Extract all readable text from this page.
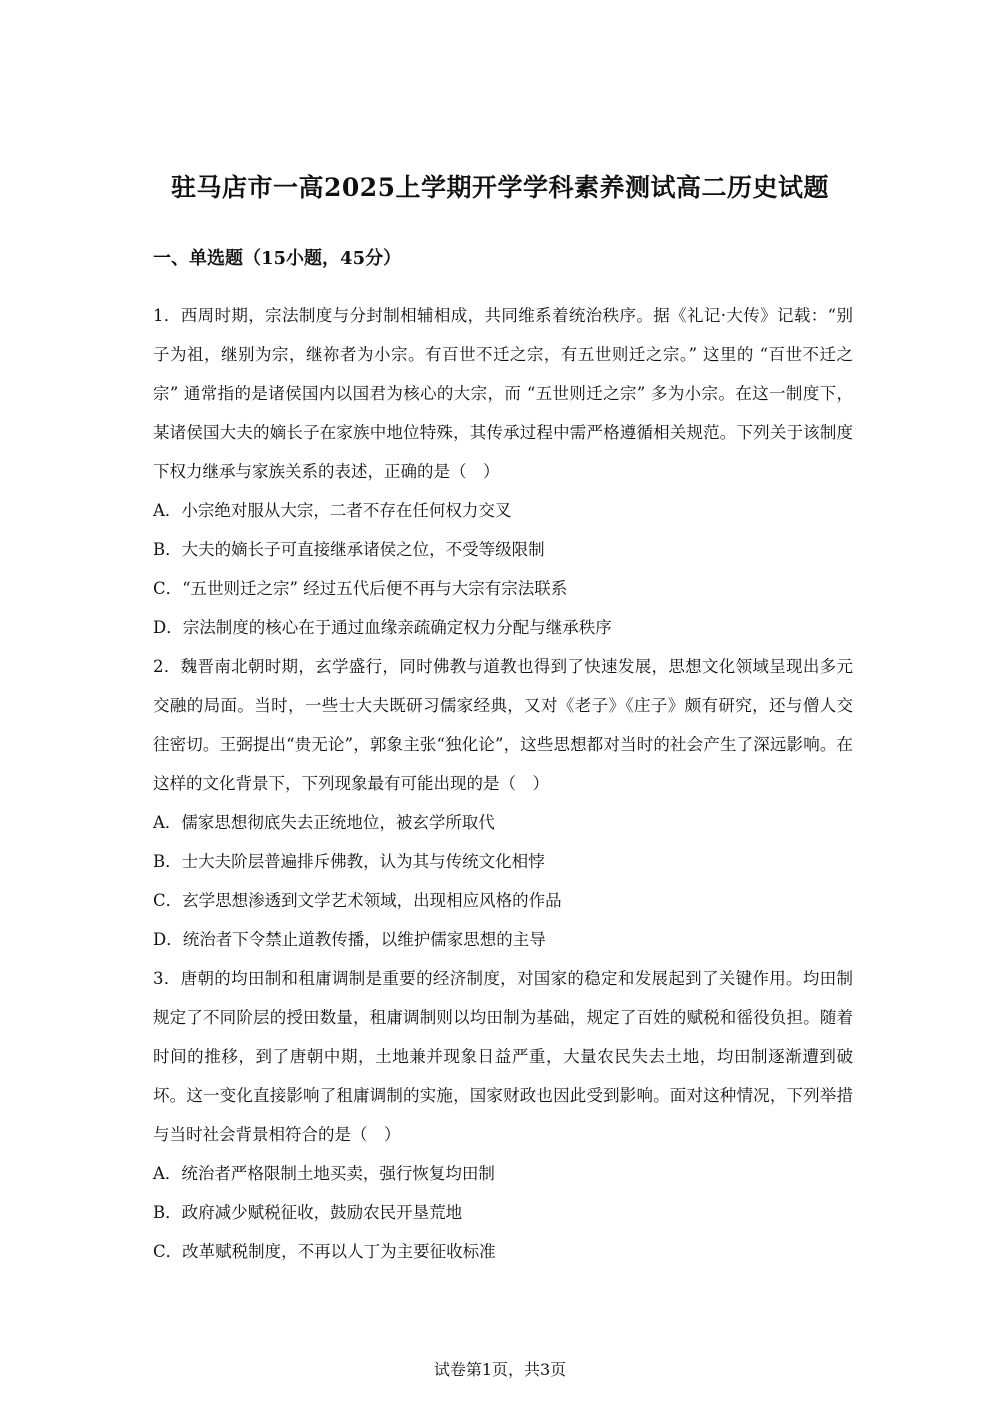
驻马店市一高2025上学期开学学科素养测试高二历史试题
一、单选题（15小题，45分）

1．西周时期，宗法制度与分封制相辅相成，共同维系着统治秩序。据《礼记·大传》记载：“别子为祖，继别为宗，继祢者为小宗。有百世不迁之宗，有五世则迁之宗。” 这里的 “百世不迁之宗” 通常指的是诸侯国内以国君为核心的大宗，而 “五世则迁之宗” 多为小宗。在这一制度下，某诸侯国大夫的嫡长子在家族中地位特殊，其传承过程中需严格遵循相关规范。下列关于该制度下权力继承与家族关系的表述，正确的是（　）

A．小宗绝对服从大宗，二者不存在任何权力交叉
B．大夫的嫡长子可直接继承诸侯之位，不受等级限制
C．“五世则迁之宗” 经过五代后便不再与大宗有宗法联系
D．宗法制度的核心在于通过血缘亲疏确定权力分配与继承秩序

2．魏晋南北朝时期，玄学盛行，同时佛教与道教也得到了快速发展，思想文化领域呈现出多元交融的局面。当时，一些士大夫既研习儒家经典，又对《老子》《庄子》颇有研究，还与僧人交往密切。王弼提出“贵无论”，郭象主张“独化论”，这些思想都对当时的社会产生了深远影响。在这样的文化背景下，下列现象最有可能出现的是（　）

A．儒家思想彻底失去正统地位，被玄学所取代
B．士大夫阶层普遍排斥佛教，认为其与传统文化相悖
C．玄学思想渗透到文学艺术领域，出现相应风格的作品
D．统治者下令禁止道教传播，以维护儒家思想的主导

3．唐朝的均田制和租庸调制是重要的经济制度，对国家的稳定和发展起到了关键作用。均田制规定了不同阶层的授田数量，租庸调制则以均田制为基础，规定了百姓的赋税和徭役负担。随着时间的推移，到了唐朝中期，土地兼并现象日益严重，大量农民失去土地，均田制逐渐遭到破坏。这一变化直接影响了租庸调制的实施，国家财政也因此受到影响。面对这种情况，下列举措与当时社会背景相符合的是（　）

A．统治者严格限制土地买卖，强行恢复均田制
B．政府减少赋税征收，鼓励农民开垦荒地
C．改革赋税制度，不再以人丁为主要征收标准
试卷第1页，共3页
